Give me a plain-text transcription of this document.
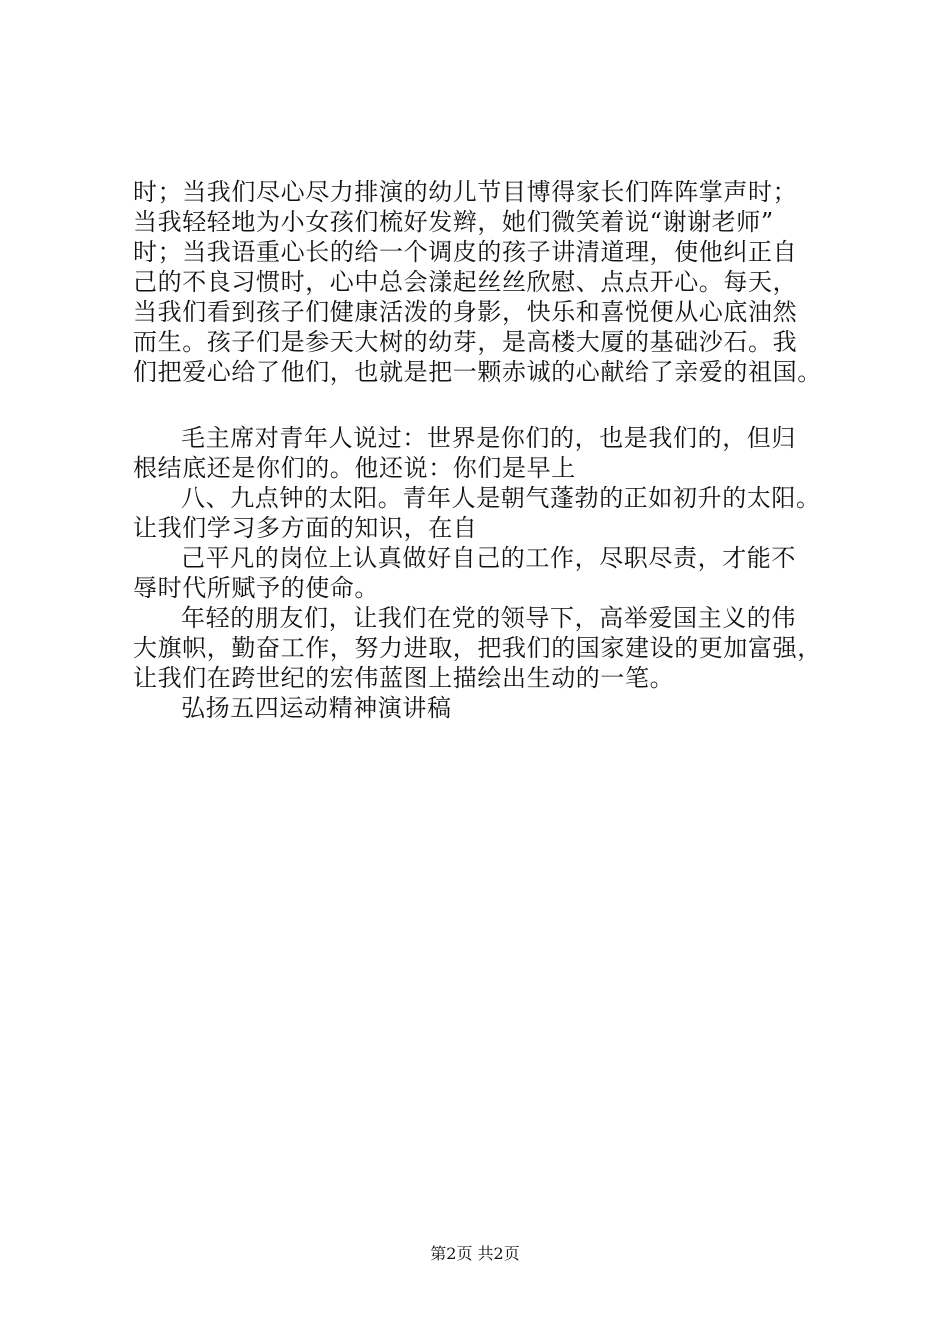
时；当我们尽心尽力排演的幼儿节目博得家长们阵阵掌声时；
当我轻轻地为小女孩们梳好发辫，她们微笑着说“谢谢老师”
时；当我语重心长的给一个调皮的孩子讲清道理，使他纠正自
己的不良习惯时，心中总会漾起丝丝欣慰、点点开心。每天，
当我们看到孩子们健康活泼的身影，快乐和喜悦便从心底油然
而生。孩子们是参天大树的幼芽，是高楼大厦的基础沙石。我
们把爱心给了他们，也就是把一颗赤诚的心献给了亲爱的祖国。
毛主席对青年人说过：世界是你们的，也是我们的，但归
根结底还是你们的。他还说：你们是早上
八、九点钟的太阳。青年人是朝气蓬勃的正如初升的太阳。
让我们学习多方面的知识，在自
己平凡的岗位上认真做好自己的工作，尽职尽责，才能不
辱时代所赋予的使命。
年轻的朋友们，让我们在党的领导下，高举爱国主义的伟
大旗帜，勤奋工作，努力进取，把我们的国家建设的更加富强，
让我们在跨世纪的宏伟蓝图上描绘出生动的一笔。
弘扬五四运动精神演讲稿
第2页 共2页
